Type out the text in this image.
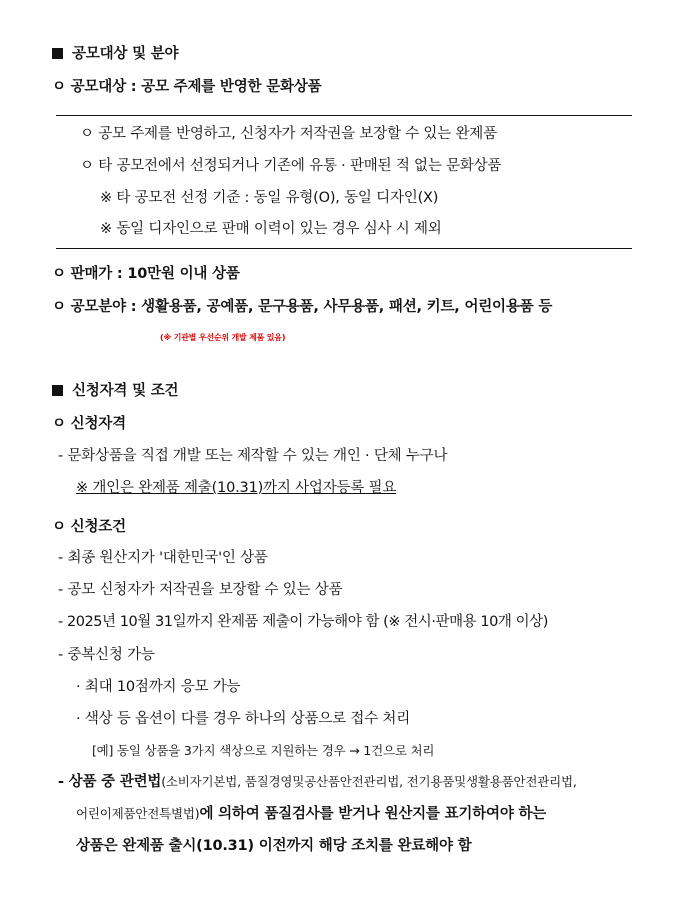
공모대상 및 분야
ㅇ 공모대상 : 공모 주제를 반영한 문화상품
ㅇ 공모 주제를 반영하고, 신청자가 저작권을 보장할 수 있는 완제품
ㅇ 타 공모전에서 선정되거나 기존에 유통 · 판매된 적 없는 문화상품
※ 타 공모전 선정 기준 : 동일 유형(O), 동일 디자인(X)
※ 동일 디자인으로 판매 이력이 있는 경우 심사 시 제외
ㅇ 판매가 : 10만원 이내 상품
ㅇ 공모분야 : 생활용품, 공예품, 문구용품, 사무용품, 패션, 키트, 어린이용품 등
(※ 기관별 우선순위 개발 제품 있음)
신청자격 및 조건
ㅇ 신청자격
- 문화상품을 직접 개발 또는 제작할 수 있는 개인 · 단체 누구나
※ 개인은 완제품 제출(10.31)까지 사업자등록 필요
ㅇ 신청조건
- 최종 원산지가 '대한민국'인 상품
- 공모 신청자가 저작권을 보장할 수 있는 상품
- 2025년 10월 31일까지 완제품 제출이 가능해야 함 (※ 전시·판매용 10개 이상)
- 중복신청 가능
· 최대 10점까지 응모 가능
· 색상 등 옵션이 다를 경우 하나의 상품으로 접수 처리
[예] 동일 상품을 3가지 색상으로 지원하는 경우 → 1건으로 처리
- 상품 중 관련법(소비자기본법, 품질경영및공산품안전관리법, 전기용품및생활용품안전관리법,
어린이제품안전특별법)에 의하여 품질검사를 받거나 원산지를 표기하여야 하는
상품은 완제품 출시(10.31) 이전까지 해당 조치를 완료해야 함
